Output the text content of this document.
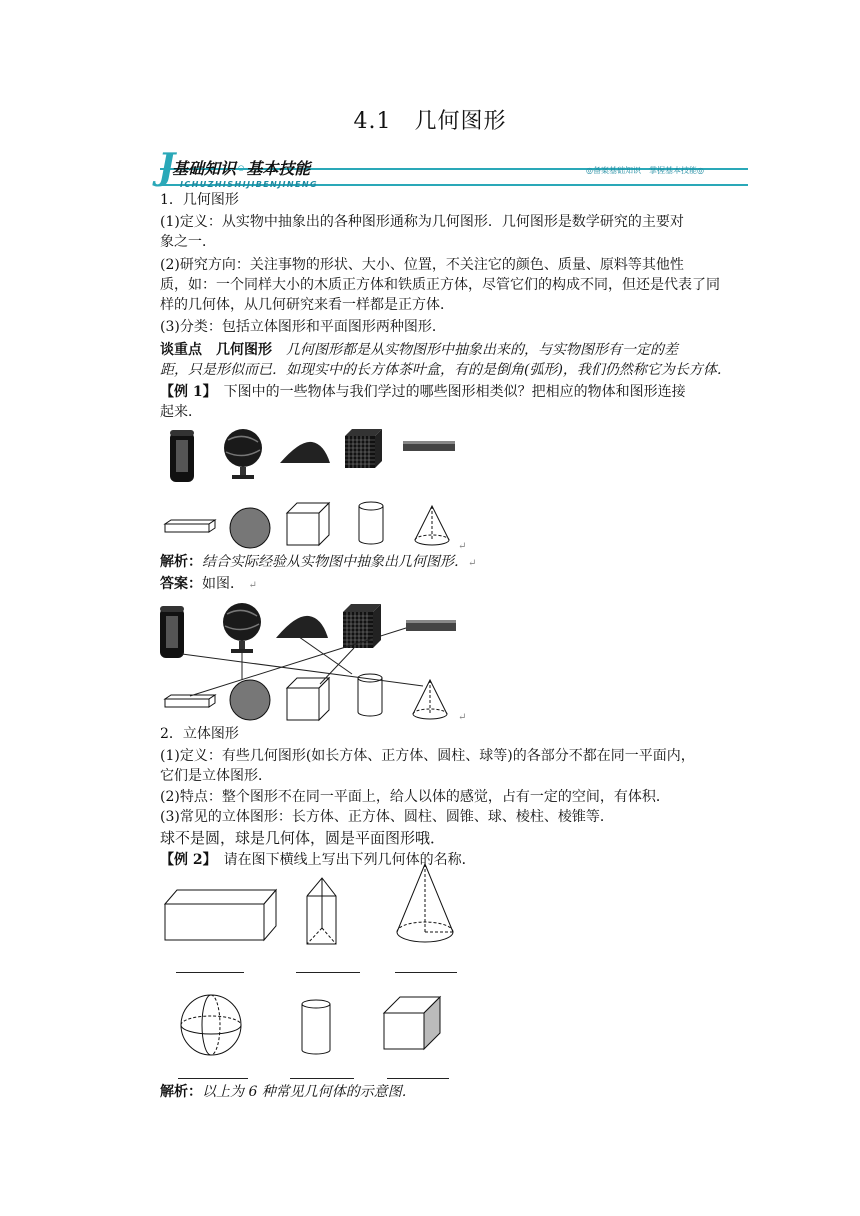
4.1　几何图形
J
基础知识◦基本技能
ICHUZHISHIJIBENJINENG
◎备案基础知识　掌握基本技能◎
1．几何图形
(1)定义：从实物中抽象出的各种图形通称为几何图形．几何图形是数学研究的主要对
象之一．
(2)研究方向：关注事物的形状、大小、位置，不关注它的颜色、质量、原料等其他性
质，如：一个同样大小的木质正方体和铁质正方体，尽管它们的构成不同，但还是代表了同
样的几何体，从几何研究来看一样都是正方体．
(3)分类：包括立体图形和平面图形两种图形．
谈重点　几何图形　 几何图形都是从实物图形中抽象出来的，与实物图形有一定的差
距，只是形似而已．如现实中的长方体茶叶盒，有的是倒角(弧形)，我们仍然称它为长方体．
【例 1】　 下图中的一些物体与我们学过的哪些图形相类似？把相应的物体和图形连接
起来．
↵
解析：结合实际经验从实物图中抽象出几何图形．↵
答案：如图． ↵
↵
2．立体图形
(1)定义：有些几何图形(如长方体、正方体、圆柱、球等)的各部分不都在同一平面内，
它们是立体图形．
(2)特点：整个图形不在同一平面上，给人以体的感觉，占有一定的空间，有体积．
(3)常见的立体图形：长方体、正方体、圆柱、圆锥、球、棱柱、棱锥等．
球不是圆，球是几何体，圆是平面图形哦．
【例 2】　 请在图下横线上写出下列几何体的名称．
解析：以上为 6 种常见几何体的示意图．
